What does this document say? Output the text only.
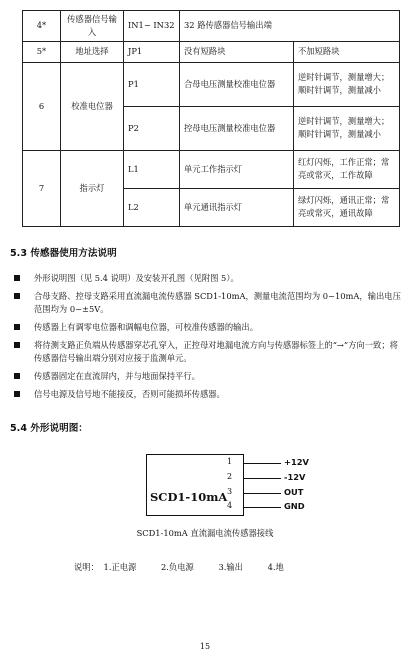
4*	传感器信号输入	IN1~ IN32	32 路传感器信号输出端	
5*	地址选择	JP1	没有短路块	不加短路块
6	校准电位器	P1	合母电压测量校准电位器	逆时针调节，测量增大；顺时针调节，测量减小
		P2	控母电压测量校准电位器	逆时针调节，测量增大；顺时针调节，测量减小
7	指示灯	L1	单元工作指示灯	红灯闪烁，工作正常；常亮或常灭，工作故障
		L2	单元通讯指示灯	绿灯闪烁，通讯正常；常亮或常灭，通讯故障
5.3 传感器使用方法说明
外形说明图（见 5.4 说明）及安装开孔图（见附图 5）。
合母支路、控母支路采用直流漏电流传感器 SCD1-10mA，测量电流范围均为 0~10mA，输出电压范围均为 0~±5V。
传感器上有调零电位器和调幅电位器，可校准传感器的输出。
将待测支路正负端从传感器穿芯孔穿入，正控母对地漏电流方向与传感器标签上的“→”方向一致；将传感器信号输出端分别对应接于监测单元。
传感器固定在直流屏内，并与地面保持平行。
信号电源及信号地不能接反，否则可能损坏传感器。
5.4 外形说明图：
SCD1-10mA
1	+12V
2	-12V
3	OUT
4	GND
SCD1-10mA 直流漏电流传感器接线
说明： 1.正电源	2.负电源	3.输出	4.地
15
